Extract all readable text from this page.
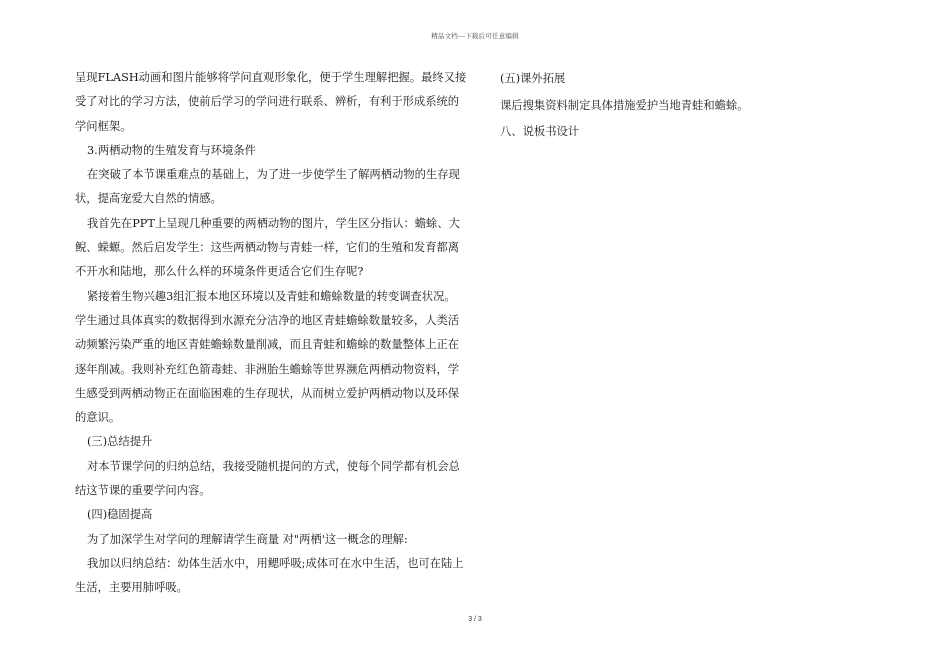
精品文档---下载后可任意编辑
呈现FLASH动画和图片能够将学问直观形象化，便于学生理解把握。最终又接
受了对比的学习方法，使前后学习的学问进行联系、辨析，有利于形成系统的
学问框架。
3.两栖动物的生殖发育与环境条件
在突破了本节课重难点的基础上，为了进一步使学生了解两栖动物的生存现
状，提高宠爱大自然的情感。
我首先在PPT上呈现几种重要的两栖动物的图片，学生区分指认：蟾蜍、大
鲵、蝾螈。然后启发学生：这些两栖动物与青蛙一样，它们的生殖和发育都离
不开水和陆地，那么什么样的环境条件更适合它们生存呢?
紧接着生物兴趣3组汇报本地区环境以及青蛙和蟾蜍数量的转变调查状况。
学生通过具体真实的数据得到水源充分洁净的地区青蛙蟾蜍数量较多，人类活
动频繁污染严重的地区青蛙蟾蜍数量削减，而且青蛙和蟾蜍的数量整体上正在
逐年削减。我则补充红色箭毒蛙、非洲胎生蟾蜍等世界濒危两栖动物资料，学
生感受到两栖动物正在面临困难的生存现状，从而树立爱护两栖动物以及环保
的意识。
(三)总结提升
对本节课学问的归纳总结，我接受随机提问的方式，使每个同学都有机会总
结这节课的重要学问内容。
(四)稳固提高
为了加深学生对学问的理解请学生商量 对"两栖'这一概念的理解:
我加以归纳总结：幼体生活水中，用鳃呼吸;成体可在水中生活，也可在陆上
生活，主要用肺呼吸。
(五)课外拓展
课后搜集资料制定具体措施爱护当地青蛙和蟾蜍。
八、说板书设计
3 / 3
